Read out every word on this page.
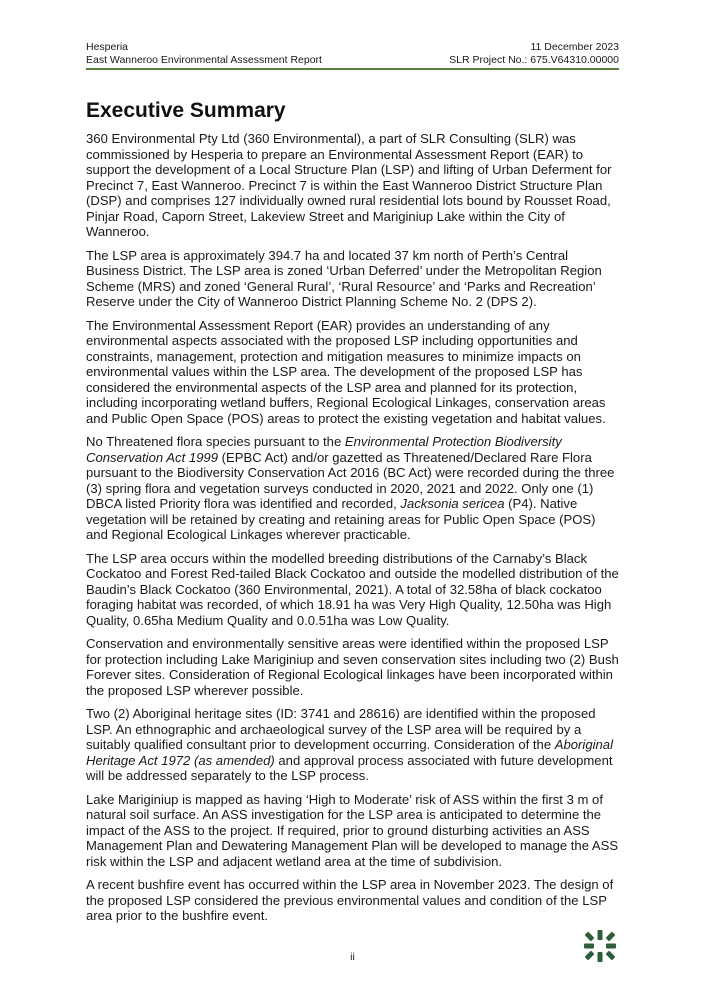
Hesperia	11 December 2023
East Wanneroo Environmental Assessment Report	SLR Project No.: 675.V64310.00000
Executive Summary

360 Environmental Pty Ltd (360 Environmental), a part of SLR Consulting (SLR) was commissioned by Hesperia to prepare an Environmental Assessment Report (EAR) to support the development of a Local Structure Plan (LSP) and lifting of Urban Deferment for Precinct 7, East Wanneroo. Precinct 7 is within the East Wanneroo District Structure Plan (DSP) and comprises 127 individually owned rural residential lots bound by Rousset Road, Pinjar Road, Caporn Street, Lakeview Street and Mariginiup Lake within the City of Wanneroo.

The LSP area is approximately 394.7 ha and located 37 km north of Perth’s Central Business District. The LSP area is zoned ‘Urban Deferred’ under the Metropolitan Region Scheme (MRS) and zoned ‘General Rural’, ‘Rural Resource’ and ‘Parks and Recreation’ Reserve under the City of Wanneroo District Planning Scheme No. 2 (DPS 2).

The Environmental Assessment Report (EAR) provides an understanding of any environmental aspects associated with the proposed LSP including opportunities and constraints, management, protection and mitigation measures to minimize impacts on environmental values within the LSP area. The development of the proposed LSP has considered the environmental aspects of the LSP area and planned for its protection, including incorporating wetland buffers, Regional Ecological Linkages, conservation areas and Public Open Space (POS) areas to protect the existing vegetation and habitat values.

No Threatened flora species pursuant to the Environmental Protection Biodiversity Conservation Act 1999 (EPBC Act) and/or gazetted as Threatened/Declared Rare Flora pursuant to the Biodiversity Conservation Act 2016 (BC Act) were recorded during the three (3) spring flora and vegetation surveys conducted in 2020, 2021 and 2022. Only one (1) DBCA listed Priority flora was identified and recorded, Jacksonia sericea (P4). Native vegetation will be retained by creating and retaining areas for Public Open Space (POS) and Regional Ecological Linkages wherever practicable.

The LSP area occurs within the modelled breeding distributions of the Carnaby’s Black Cockatoo and Forest Red-tailed Black Cockatoo and outside the modelled distribution of the Baudin’s Black Cockatoo (360 Environmental, 2021). A total of 32.58ha of black cockatoo foraging habitat was recorded, of which 18.91 ha was Very High Quality, 12.50ha was High Quality, 0.65ha Medium Quality and 0.0.51ha was Low Quality.

Conservation and environmentally sensitive areas were identified within the proposed LSP for protection including Lake Mariginiup and seven conservation sites including two (2) Bush Forever sites. Consideration of Regional Ecological linkages have been incorporated within the proposed LSP wherever possible.

Two (2) Aboriginal heritage sites (ID: 3741 and 28616) are identified within the proposed LSP. An ethnographic and archaeological survey of the LSP area will be required by a suitably qualified consultant prior to development occurring. Consideration of the Aboriginal Heritage Act 1972 (as amended) and approval process associated with future development will be addressed separately to the LSP process.

Lake Mariginiup is mapped as having ‘High to Moderate’ risk of ASS within the first 3 m of natural soil surface. An ASS investigation for the LSP area is anticipated to determine the impact of the ASS to the project. If required, prior to ground disturbing activities an ASS Management Plan and Dewatering Management Plan will be developed to manage the ASS risk within the LSP and adjacent wetland area at the time of subdivision.

A recent bushfire event has occurred within the LSP area in November 2023. The design of the proposed LSP considered the previous environmental values and condition of the LSP area prior to the bushfire event.

ii
